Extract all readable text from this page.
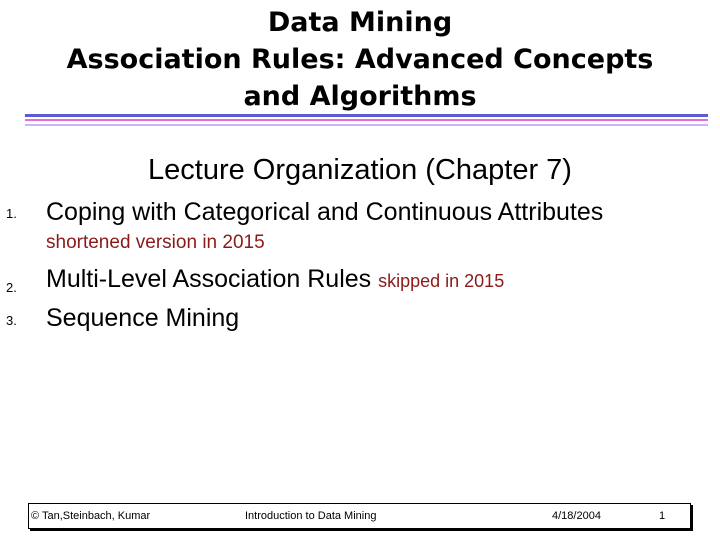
Data Mining
Association Rules: Advanced Concepts
and Algorithms
Lecture Organization (Chapter 7)
1. Coping with Categorical and Continuous Attributes
shortened version in 2015
2. Multi-Level Association Rules skipped in 2015
3. Sequence Mining
© Tan,Steinbach, Kumar	Introduction to Data Mining	4/18/2004	1
